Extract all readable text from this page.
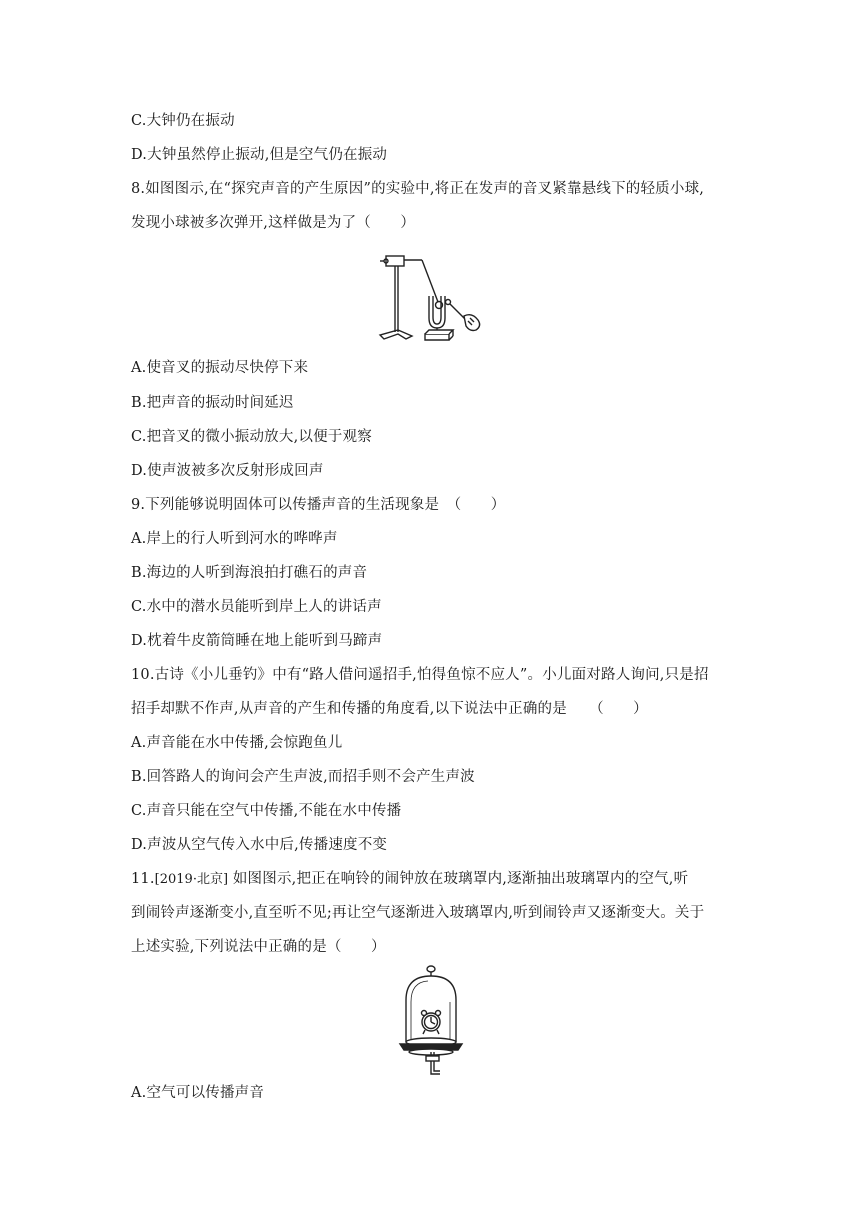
C.大钟仍在振动
D.大钟虽然停止振动,但是空气仍在振动
8.如图图示,在“探究声音的产生原因”的实验中,将正在发声的音叉紧靠悬线下的轻质小球,
发现小球被多次弹开,这样做是为了（　　）
A.使音叉的振动尽快停下来
B.把声音的振动时间延迟
C.把音叉的微小振动放大,以便于观察
D.使声波被多次反射形成回声
9.下列能够说明固体可以传播声音的生活现象是　（　　）
A.岸上的行人听到河水的哗哗声
B.海边的人听到海浪拍打礁石的声音
C.水中的潜水员能听到岸上人的讲话声
D.枕着牛皮箭筒睡在地上能听到马蹄声
10.古诗《小儿垂钓》中有“路人借问遥招手,怕得鱼惊不应人”。小儿面对路人询问,只是招
招手却默不作声,从声音的产生和传播的角度看,以下说法中正确的是　　（　　）
A.声音能在水中传播,会惊跑鱼儿
B.回答路人的询问会产生声波,而招手则不会产生声波
C.声音只能在空气中传播,不能在水中传播
D.声波从空气传入水中后,传播速度不变
11.[2019·北京] 如图图示,把正在响铃的闹钟放在玻璃罩内,逐渐抽出玻璃罩内的空气,听
到闹铃声逐渐变小,直至听不见;再让空气逐渐进入玻璃罩内,听到闹铃声又逐渐变大。关于
上述实验,下列说法中正确的是（　　）
A.空气可以传播声音
